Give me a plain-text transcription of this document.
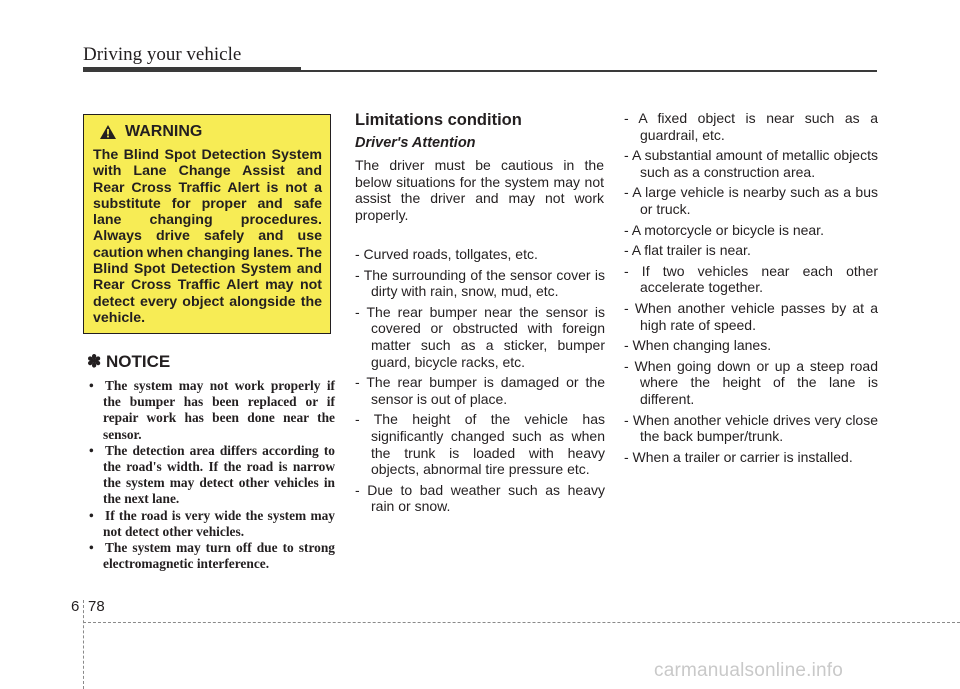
Driving your vehicle
WARNING

The Blind Spot Detection System with Lane Change Assist and Rear Cross Traffic Alert is not a substitute for proper and safe lane changing procedures. Always drive safely and use caution when changing lanes. The Blind Spot Detection System and Rear Cross Traffic Alert may not detect every object alongside the vehicle.

✽ NOTICE
• The system may not work properly if the bumper has been replaced or if repair work has been done near the sensor.
• The detection area differs according to the road's width. If the road is narrow the system may detect other vehicles in the next lane.
• If the road is very wide the system may not detect other vehicles.
• The system may turn off due to strong electromagnetic interference.
Limitations condition
Driver's Attention

The driver must be cautious in the below situations for the system may not assist the driver and may not work properly.

- Curved roads, tollgates, etc.
- The surrounding of the sensor cover is dirty with rain, snow, mud, etc.
- The rear bumper near the sensor is covered or obstructed with foreign matter such as a sticker, bumper guard, bicycle racks, etc.
- The rear bumper is damaged or the sensor is out of place.
- The height of the vehicle has significantly changed such as when the trunk is loaded with heavy objects, abnormal tire pressure etc.
- Due to bad weather such as heavy rain or snow.
- A fixed object is near such as a guardrail, etc.
- A substantial amount of metallic objects such as a construction area.
- A large vehicle is nearby such as a bus or truck.
- A motorcycle or bicycle is near.
- A flat trailer is near.
- If two vehicles near each other accelerate together.
- When another vehicle passes by at a high rate of speed.
- When changing lanes.
- When going down or up a steep road where the height of the lane is different.
- When another vehicle drives very close the back bumper/trunk.
- When a trailer or carrier is installed.
6 78
carmanualsonline.info
